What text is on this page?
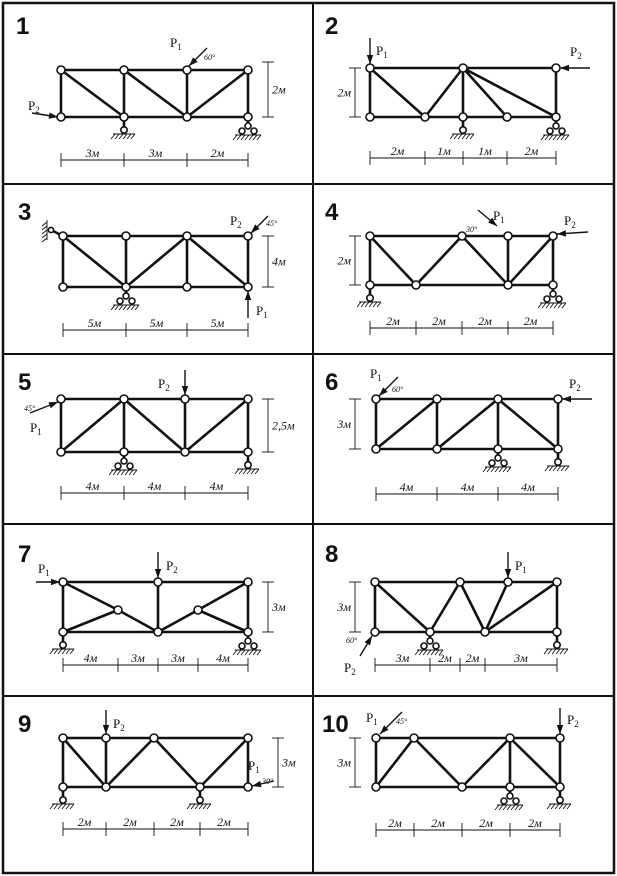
1
3м	3м	2м
2м
$P_1$
60°
$P_2$
2
2м	1м 1м	2м
2м
$P_1$	$P_2$
3
5м	5м	5м
4м
$P_2$	45°
$P_1$
4
2м	2м	2м	2м
2м
$P_1$
30°
$P_2$
5
4м	4м	4м
2,5м
$P_1$
45°
$P_2$	6
4м	4м	4м
3м
$P_1$
60°	$P_2$
7
4м	3м 3м	4м
3м
$P_1$	$P_2$
8
3м 2м 2м	3м
3м
$P_1$
$P_2$
60°
9
2м	2м	2м	2м
3м
$P_2$
$P_1$
30°
10
2м 2м	2м	2м
3м
$P_1$ 45°	$P_2$
